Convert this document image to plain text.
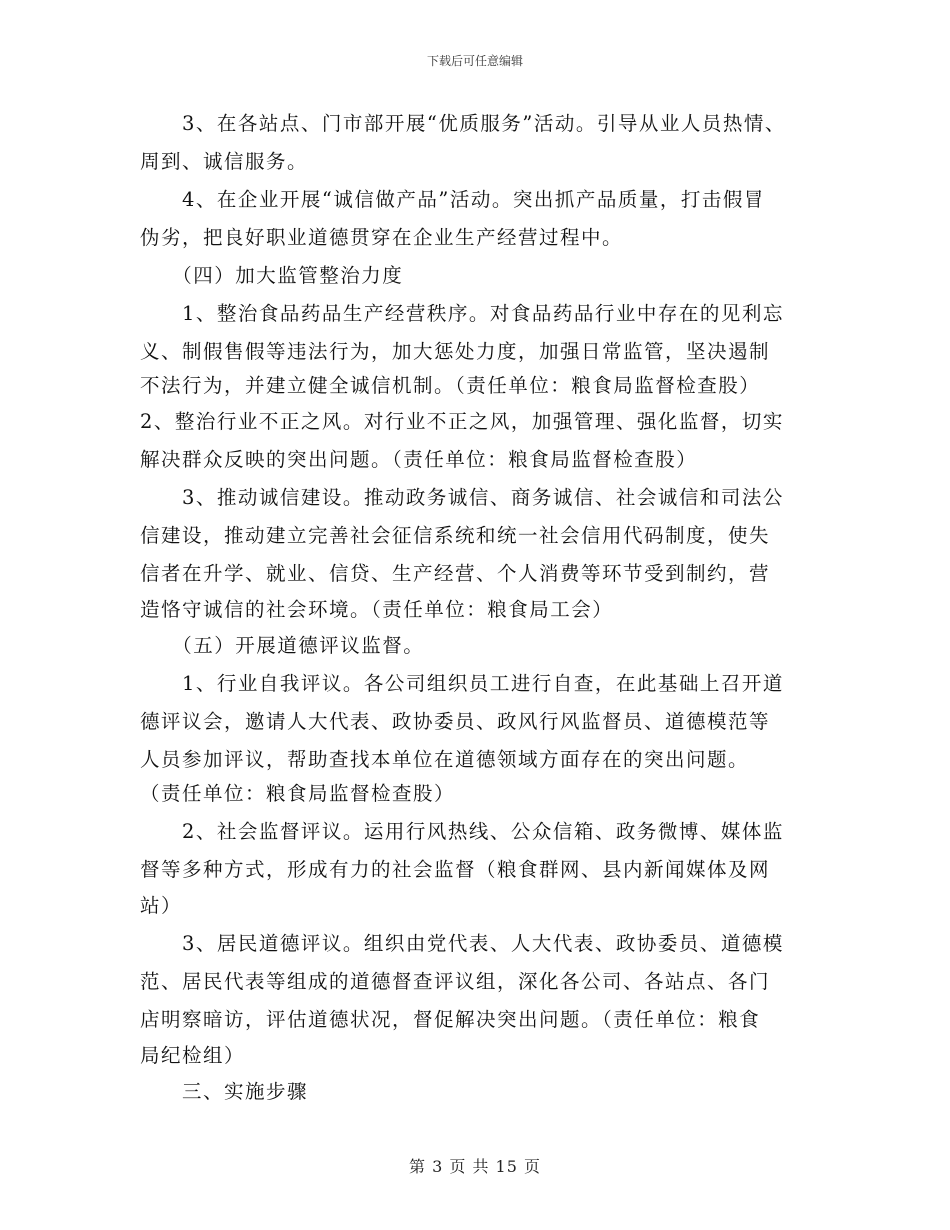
下载后可任意编辑
　　3、在各站点、门市部开展“优质服务”活动。引导从业人员热情、
周到、诚信服务。
　　4、在企业开展“诚信做产品”活动。突出抓产品质量，打击假冒
伪劣，把良好职业道德贯穿在企业生产经营过程中。
　　（四）加大监管整治力度
　　1、整治食品药品生产经营秩序。对食品药品行业中存在的见利忘
义、制假售假等违法行为，加大惩处力度，加强日常监管，坚决遏制
不法行为，并建立健全诚信机制。（责任单位：粮食局监督检查股）
2、整治行业不正之风。对行业不正之风，加强管理、强化监督，切实
解决群众反映的突出问题。（责任单位：粮食局监督检查股）
　　3、推动诚信建设。推动政务诚信、商务诚信、社会诚信和司法公
信建设，推动建立完善社会征信系统和统一社会信用代码制度，使失
信者在升学、就业、信贷、生产经营、个人消费等环节受到制约，营
造恪守诚信的社会环境。（责任单位：粮食局工会）
　　（五）开展道德评议监督。
　　1、行业自我评议。各公司组织员工进行自查，在此基础上召开道
德评议会，邀请人大代表、政协委员、政风行风监督员、道德模范等
人员参加评议，帮助查找本单位在道德领域方面存在的突出问题。
（责任单位：粮食局监督检查股）
　　2、社会监督评议。运用行风热线、公众信箱、政务微博、媒体监
督等多种方式，形成有力的社会监督（粮食群网、县内新闻媒体及网
站）
　　3、居民道德评议。组织由党代表、人大代表、政协委员、道德模
范、居民代表等组成的道德督查评议组，深化各公司、各站点、各门
店明察暗访，评估道德状况，督促解决突出问题。（责任单位：粮食
局纪检组）
　　三、实施步骤
第 3 页 共 15 页
